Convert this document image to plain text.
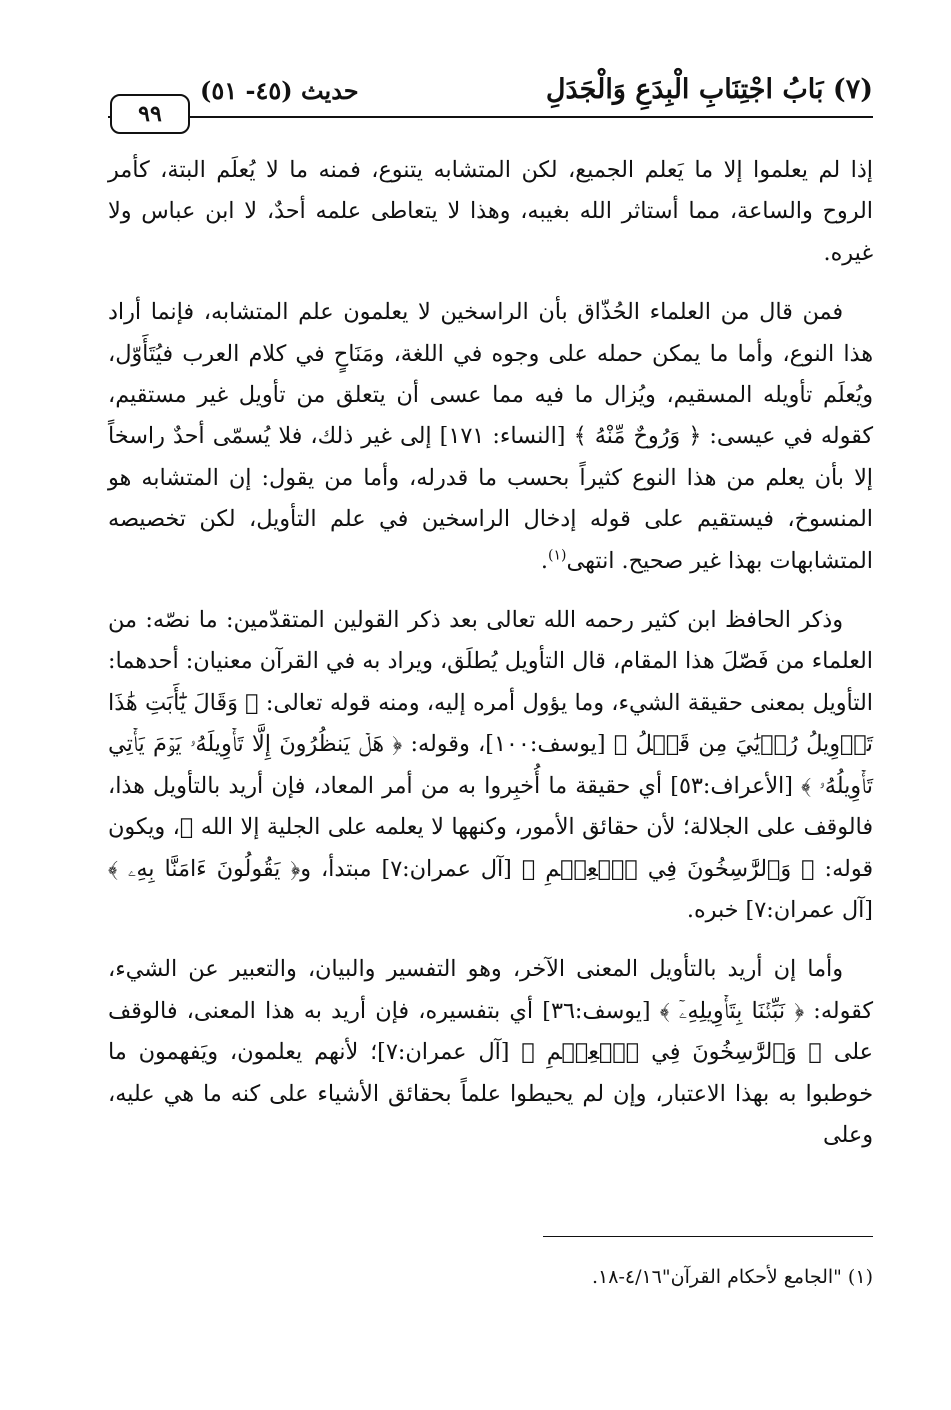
(٧) بَابُ اجْتِنَابِ الْبِدَعِ وَالْجَدَلِ
حديث (٤٥- ٥١)
٩٩

إذا لم يعلموا إلا ما يَعلم الجميع، لكن المتشابه يتنوع، فمنه ما لا يُعلَم البتة، كأمر الروح والساعة، مما أستاثر الله بغيبه، وهذا لا يتعاطى علمه أحدٌ، لا ابن عباس ولا غيره.

فمن قال من العلماء الحُذّاق بأن الراسخين لا يعلمون علم المتشابه، فإنما أراد هذا النوع، وأما ما يمكن حمله على وجوه في اللغة، ومَنَاحٍ في كلام العرب فيُتَأَوّل، ويُعلَم تأويله المسقيم، ويُزال ما فيه مما عسى أن يتعلق من تأويل غير مستقيم، كقوله في عيسى: ﴿ وَرُوحٌ مِّنْهُ ﴾ [النساء: ١٧١] إلى غير ذلك، فلا يُسمّى أحدٌ راسخاً إلا بأن يعلم من هذا النوع كثيراً بحسب ما قدرله، وأما من يقول: إن المتشابه هو المنسوخ، فيستقيم على قوله إدخال الراسخين في علم التأويل، لكن تخصيصه المتشابهات بهذا غير صحيح. انتهى$^{(١)}$.

وذكر الحافظ ابن كثير رحمه الله تعالى بعد ذكر القولين المتقدّمين: ما نصّه: من العلماء من فَصّلَ هذا المقام، قال التأويل يُطلَق، ويراد به في القرآن معنيان: أحدهما: التأويل بمعنى حقيقة الشيء، وما يؤول أمره إليه، ومنه قوله تعالى: ﴿ وَقَالَ يَٰٓأَبَتِ هَٰذَا تَأۡوِيلُ رُءۡيَٰيَ مِن قَبۡلُ ﴾ [يوسف:١٠٠]، وقوله: ﴿ هَلۡ يَنظُرُونَ إِلَّا تَأۡوِيلَهُۥ يَوۡمَ يَأۡتِي تَأۡوِيلُهُۥ ﴾ [الأعراف:٥٣] أي حقيقة ما أُخبِروا به من أمر المعاد، فإن أريد بالتأويل هذا، فالوقف على الجلالة؛ لأن حقائق الأمور، وكنهها لا يعلمه على الجلية إلا الله ﷻ، ويكون قوله: ﴿ وَٱلرَّٰسِخُونَ فِي ٱلۡعِلۡمِ ﴾ [آل عمران:٧] مبتدأ، و﴿ يَقُولُونَ ءَامَنَّا بِهِۦ ﴾ [آل عمران:٧] خبره.

وأما إن أريد بالتأويل المعنى الآخر، وهو التفسير والبيان، والتعبير عن الشيء، كقوله: ﴿ نَبِّئۡنَا بِتَأۡوِيلِهِۦٓ ﴾ [يوسف:٣٦] أي بتفسيره، فإن أريد به هذا المعنى، فالوقف على ﴿ وَٱلرَّٰسِخُونَ فِي ٱلۡعِلۡمِ ﴾ [آل عمران:٧]؛ لأنهم يعلمون، ويَفهمون ما خوطبوا به بهذا الاعتبار، وإن لم يحيطوا علماً بحقائق الأشياء على كنه ما هي عليه، وعلى

(١) "الجامع لأحكام القرآن"٤/١٦-١٨.
